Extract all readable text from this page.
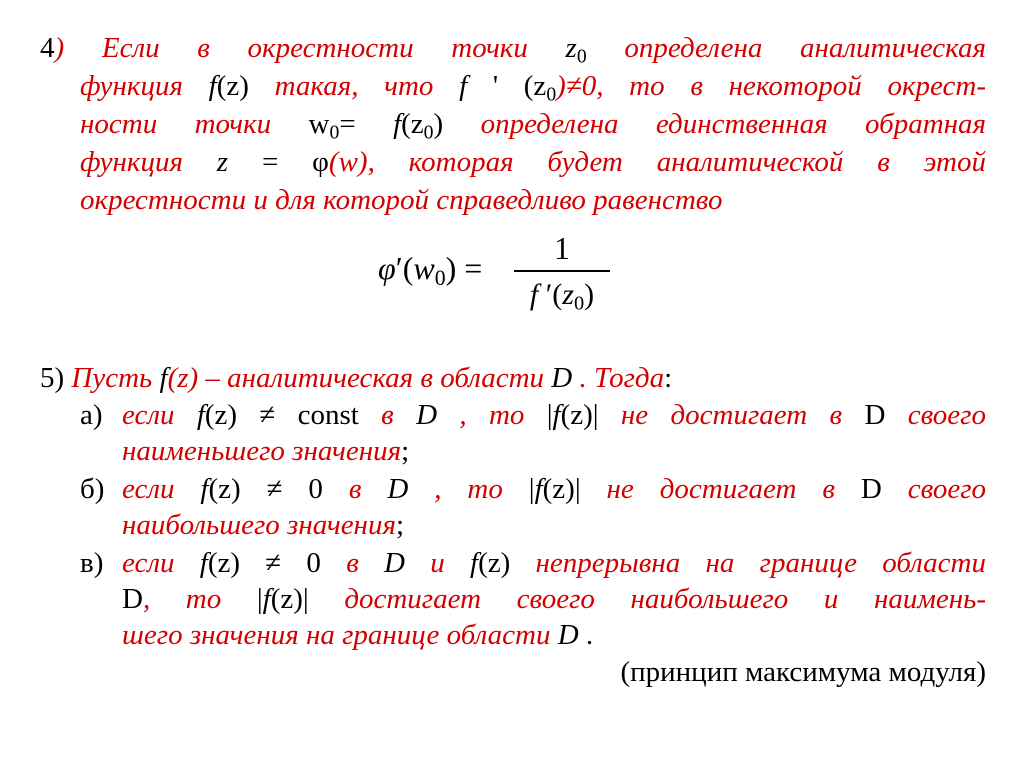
4) Если в окрестности точки $z_0$ определена аналитическая
функция f(z) такая, что f ' $(z_0)\ne 0$, то в некоторой окрест-
ности точки $w_0= f(z_0)$ определена единственная обратная
функция z = φ(w), которая будет аналитической в этой
окрестности и для которой справедливо равенство
$\varphi'(w_0)$ =
1
f $'(z_0)$
5) Пусть f(z) – аналитическая в области D . Тогда:
а) если f(z) ≠ const в D , то |f(z)| не достигает в D своего
наименьшего значения;
б) если f(z) ≠ 0 в D , то |f(z)| не достигает в D своего
наибольшего значения;
в) если f(z) ≠ 0 в D и f(z) непрерывна на границе области
D, то |f(z)| достигает своего наибольшего и наимень-
шего значения на границе области D .
(принцип максимума модуля)
